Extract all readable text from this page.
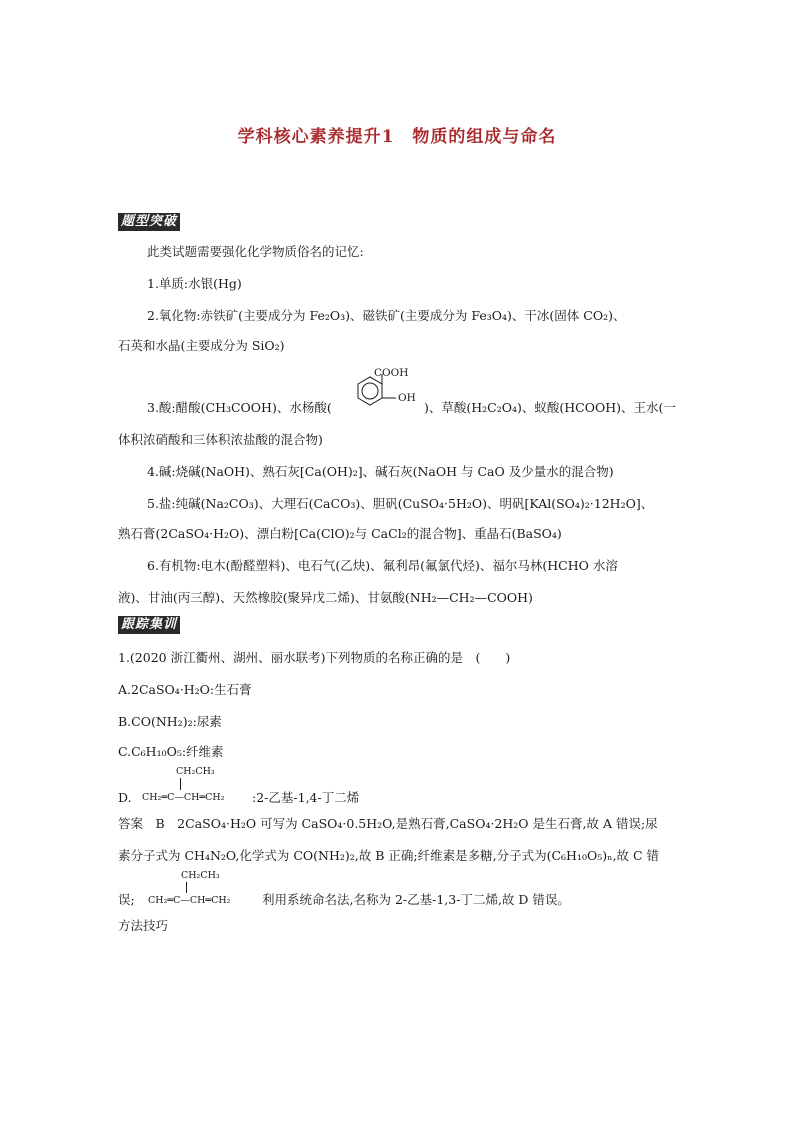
学科核心素养提升1　物质的组成与命名
题型突破
此类试题需要强化化学物质俗名的记忆:
1.单质:水银(Hg)
2.氧化物:赤铁矿(主要成分为 Fe₂O₃)、磁铁矿(主要成分为 Fe₃O₄)、干冰(固体 CO₂)、
石英和水晶(主要成分为 SiO₂)
COOH
OH
3.酸:醋酸(CH₃COOH)、水杨酸(	)、草酸(H₂C₂O₄)、蚁酸(HCOOH)、王水(一
体积浓硝酸和三体积浓盐酸的混合物)
4.碱:烧碱(NaOH)、熟石灰[Ca(OH)₂]、碱石灰(NaOH 与 CaO 及少量水的混合物)
5.盐:纯碱(Na₂CO₃)、大理石(CaCO₃)、胆矾(CuSO₄·5H₂O)、明矾[KAl(SO₄)₂·12H₂O]、
熟石膏(2CaSO₄·H₂O)、漂白粉[Ca(ClO)₂与 CaCl₂的混合物]、重晶石(BaSO₄)
6.有机物:电木(酚醛塑料)、电石气(乙炔)、氟利昂(氟氯代烃)、福尔马林(HCHO 水溶
液)、甘油(丙三醇)、天然橡胶(聚异戊二烯)、甘氨酸(NH₂—CH₂—COOH)
跟踪集训
1.(2020 浙江衢州、湖州、丽水联考)下列物质的名称正确的是　(　　)
A.2CaSO₄·H₂O:生石膏
B.CO(NH₂)₂:尿素
C.C₆H₁₀O₅:纤维素
CH₂CH₃
D. CH₂═C—CH═CH₂ :2-乙基-1,4-丁二烯
答案　B　2CaSO₄·H₂O 可写为 CaSO₄·0.5H₂O,是熟石膏,CaSO₄·2H₂O 是生石膏,故 A 错误;尿
素分子式为 CH₄N₂O,化学式为 CO(NH₂)₂,故 B 正确;纤维素是多糖,分子式为(C₆H₁₀O₅)ₙ,故 C 错
CH₂CH₃
误; CH₂═C—CH═CH₂	利用系统命名法,名称为 2-乙基-1,3-丁二烯,故 D 错误。
方法技巧
